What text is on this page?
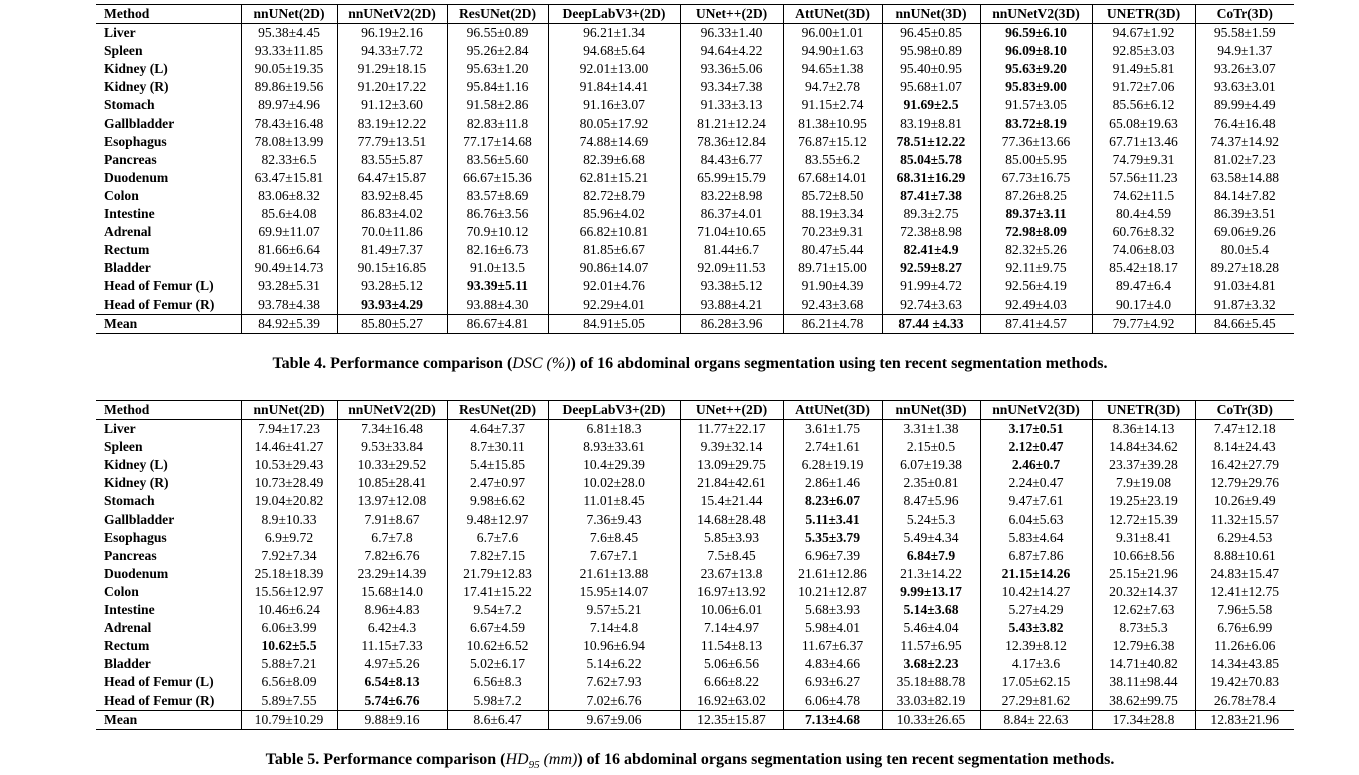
Method	nnUNet(2D)	nnUNetV2(2D)	ResUNet(2D)	DeepLabV3+(2D)	UNet++(2D)	AttUNet(3D)	nnUNet(3D)	nnUNetV2(3D)	UNETR(3D)	CoTr(3D)
Liver	95.38±4.45	96.19±2.16	96.55±0.89	96.21±1.34	96.33±1.40	96.00±1.01	96.45±0.85	96.59±6.10	94.67±1.92	95.58±1.59
Spleen	93.33±11.85	94.33±7.72	95.26±2.84	94.68±5.64	94.64±4.22	94.90±1.63	95.98±0.89	96.09±8.10	92.85±3.03	94.9±1.37
Kidney (L)	90.05±19.35	91.29±18.15	95.63±1.20	92.01±13.00	93.36±5.06	94.65±1.38	95.40±0.95	95.63±9.20	91.49±5.81	93.26±3.07
Kidney (R)	89.86±19.56	91.20±17.22	95.84±1.16	91.84±14.41	93.34±7.38	94.7±2.78	95.68±1.07	95.83±9.00	91.72±7.06	93.63±3.01
Stomach	89.97±4.96	91.12±3.60	91.58±2.86	91.16±3.07	91.33±3.13	91.15±2.74	91.69±2.5	91.57±3.05	85.56±6.12	89.99±4.49
Gallbladder	78.43±16.48	83.19±12.22	82.83±11.8	80.05±17.92	81.21±12.24	81.38±10.95	83.19±8.81	83.72±8.19	65.08±19.63	76.4±16.48
Esophagus	78.08±13.99	77.79±13.51	77.17±14.68	74.88±14.69	78.36±12.84	76.87±15.12	78.51±12.22	77.36±13.66	67.71±13.46	74.37±14.92
Pancreas	82.33±6.5	83.55±5.87	83.56±5.60	82.39±6.68	84.43±6.77	83.55±6.2	85.04±5.78	85.00±5.95	74.79±9.31	81.02±7.23
Duodenum	63.47±15.81	64.47±15.87	66.67±15.36	62.81±15.21	65.99±15.79	67.68±14.01	68.31±16.29	67.73±16.75	57.56±11.23	63.58±14.88
Colon	83.06±8.32	83.92±8.45	83.57±8.69	82.72±8.79	83.22±8.98	85.72±8.50	87.41±7.38	87.26±8.25	74.62±11.5	84.14±7.82
Intestine	85.6±4.08	86.83±4.02	86.76±3.56	85.96±4.02	86.37±4.01	88.19±3.34	89.3±2.75	89.37±3.11	80.4±4.59	86.39±3.51
Adrenal	69.9±11.07	70.0±11.86	70.9±10.12	66.82±10.81	71.04±10.65	70.23±9.31	72.38±8.98	72.98±8.09	60.76±8.32	69.06±9.26
Rectum	81.66±6.64	81.49±7.37	82.16±6.73	81.85±6.67	81.44±6.7	80.47±5.44	82.41±4.9	82.32±5.26	74.06±8.03	80.0±5.4
Bladder	90.49±14.73	90.15±16.85	91.0±13.5	90.86±14.07	92.09±11.53	89.71±15.00	92.59±8.27	92.11±9.75	85.42±18.17	89.27±18.28
Head of Femur (L)	93.28±5.31	93.28±5.12	93.39±5.11	92.01±4.76	93.38±5.12	91.90±4.39	91.99±4.72	92.56±4.19	89.47±6.4	91.03±4.81
Head of Femur (R)	93.78±4.38	93.93±4.29	93.88±4.30	92.29±4.01	93.88±4.21	92.43±3.68	92.74±3.63	92.49±4.03	90.17±4.0	91.87±3.32
Mean	84.92±5.39	85.80±5.27	86.67±4.81	84.91±5.05	86.28±3.96	86.21±4.78	87.44 ±4.33	87.41±4.57	79.77±4.92	84.66±5.45
Table 4. Performance comparison (DSC (%)) of 16 abdominal organs segmentation using ten recent segmentation methods.
Method	nnUNet(2D)	nnUNetV2(2D)	ResUNet(2D)	DeepLabV3+(2D)	UNet++(2D)	AttUNet(3D)	nnUNet(3D)	nnUNetV2(3D)	UNETR(3D)	CoTr(3D)
Liver	7.94±17.23	7.34±16.48	4.64±7.37	6.81±18.3	11.77±22.17	3.61±1.75	3.31±1.38	3.17±0.51	8.36±14.13	7.47±12.18
Spleen	14.46±41.27	9.53±33.84	8.7±30.11	8.93±33.61	9.39±32.14	2.74±1.61	2.15±0.5	2.12±0.47	14.84±34.62	8.14±24.43
Kidney (L)	10.53±29.43	10.33±29.52	5.4±15.85	10.4±29.39	13.09±29.75	6.28±19.19	6.07±19.38	2.46±0.7	23.37±39.28	16.42±27.79
Kidney (R)	10.73±28.49	10.85±28.41	2.47±0.97	10.02±28.0	21.84±42.61	2.86±1.46	2.35±0.81	2.24±0.47	7.9±19.08	12.79±29.76
Stomach	19.04±20.82	13.97±12.08	9.98±6.62	11.01±8.45	15.4±21.44	8.23±6.07	8.47±5.96	9.47±7.61	19.25±23.19	10.26±9.49
Gallbladder	8.9±10.33	7.91±8.67	9.48±12.97	7.36±9.43	14.68±28.48	5.11±3.41	5.24±5.3	6.04±5.63	12.72±15.39	11.32±15.57
Esophagus	6.9±9.72	6.7±7.8	6.7±7.6	7.6±8.45	5.85±3.93	5.35±3.79	5.49±4.34	5.83±4.64	9.31±8.41	6.29±4.53
Pancreas	7.92±7.34	7.82±6.76	7.82±7.15	7.67±7.1	7.5±8.45	6.96±7.39	6.84±7.9	6.87±7.86	10.66±8.56	8.88±10.61
Duodenum	25.18±18.39	23.29±14.39	21.79±12.83	21.61±13.88	23.67±13.8	21.61±12.86	21.3±14.22	21.15±14.26	25.15±21.96	24.83±15.47
Colon	15.56±12.97	15.68±14.0	17.41±15.22	15.95±14.07	16.97±13.92	10.21±12.87	9.99±13.17	10.42±14.27	20.32±14.37	12.41±12.75
Intestine	10.46±6.24	8.96±4.83	9.54±7.2	9.57±5.21	10.06±6.01	5.68±3.93	5.14±3.68	5.27±4.29	12.62±7.63	7.96±5.58
Adrenal	6.06±3.99	6.42±4.3	6.67±4.59	7.14±4.8	7.14±4.97	5.98±4.01	5.46±4.04	5.43±3.82	8.73±5.3	6.76±6.99
Rectum	10.62±5.5	11.15±7.33	10.62±6.52	10.96±6.94	11.54±8.13	11.67±6.37	11.57±6.95	12.39±8.12	12.79±6.38	11.26±6.06
Bladder	5.88±7.21	4.97±5.26	5.02±6.17	5.14±6.22	5.06±6.56	4.83±4.66	3.68±2.23	4.17±3.6	14.71±40.82	14.34±43.85
Head of Femur (L)	6.56±8.09	6.54±8.13	6.56±8.3	7.62±7.93	6.66±8.22	6.93±6.27	35.18±88.78	17.05±62.15	38.11±98.44	19.42±70.83
Head of Femur (R)	5.89±7.55	5.74±6.76	5.98±7.2	7.02±6.76	16.92±63.02	6.06±4.78	33.03±82.19	27.29±81.62	38.62±99.75	26.78±78.4
Mean	10.79±10.29	9.88±9.16	8.6±6.47	9.67±9.06	12.35±15.87	7.13±4.68	10.33±26.65	8.84± 22.63	17.34±28.8	12.83±21.96
Table 5. Performance comparison ($HD_{95}$ (mm)) of 16 abdominal organs segmentation using ten recent segmentation methods.
